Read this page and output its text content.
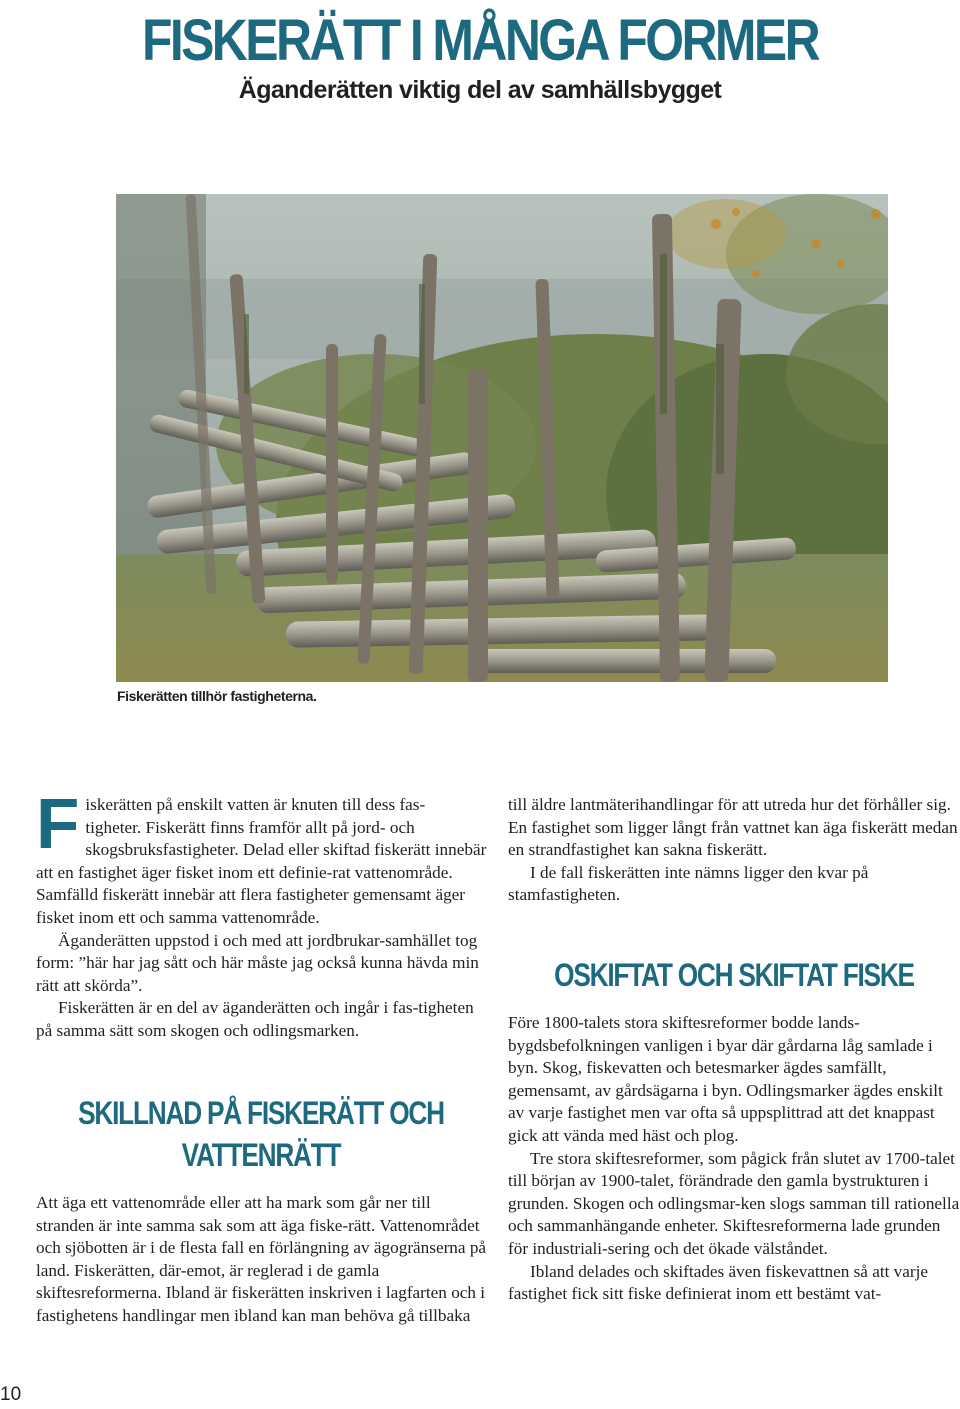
FISKERÄTT I MÅNGA FORMER
Äganderätten viktig del av samhällsbygget
Fiskerätten tillhör fastigheterna.
F iskerätten på enskilt vatten är knuten till dess fas-
tigheter. Fiskerätt finns framför allt på jord- och
skogsbruksfastigheter. Delad eller skiftad fiskerätt innebär att en fastighet äger fisket inom ett definie-rat vattenområde. Samfälld fiskerätt innebär att flera fastigheter gemensamt äger fisket inom ett och samma vattenområde.

Äganderätten uppstod i och med att jordbrukar-samhället tog form: ”här har jag sått och här måste jag också kunna hävda min rätt att skörda”.

Fiskerätten är en del av äganderätten och ingår i fas-tigheten på samma sätt som skogen och odlingsmarken.

SKILLNAD PÅ FISKERÄTT OCH VATTENRÄTT

Att äga ett vattenområde eller att ha mark som går ner till stranden är inte samma sak som att äga fiske-rätt. Vattenområdet och sjöbotten är i de flesta fall en förlängning av ägogränserna på land. Fiskerätten, där-emot, är reglerad i de gamla skiftesreformerna. Ibland är fiskerätten inskriven i lagfarten och i fastighetens handlingar men ibland kan man behöva gå tillbaka

till äldre lantmäterihandlingar för att utreda hur det förhåller sig. En fastighet som ligger långt från vattnet kan äga fiskerätt medan en strandfastighet kan sakna fiskerätt.

I de fall fiskerätten inte nämns ligger den kvar på stamfastigheten.

OSKIFTAT OCH SKIFTAT FISKE

Före 1800-talets stora skiftesreformer bodde lands-bygdsbefolkningen vanligen i byar där gårdarna låg samlade i byn. Skog, fiskevatten och betesmarker ägdes samfällt, gemensamt, av gårdsägarna i byn. Odlingsmarker ägdes enskilt av varje fastighet men var ofta så uppsplittrad att det knappast gick att vända med häst och plog.

Tre stora skiftesreformer, som pågick från slutet av 1700-talet till början av 1900-talet, förändrade den gamla bystrukturen i grunden. Skogen och odlingsmar-ken slogs samman till rationella och sammanhängande enheter. Skiftesreformerna lade grunden för industriali-sering och det ökade välståndet.

Ibland delades och skiftades även fiskevattnen så att varje fastighet fick sitt fiske definierat inom ett bestämt vat-

10
